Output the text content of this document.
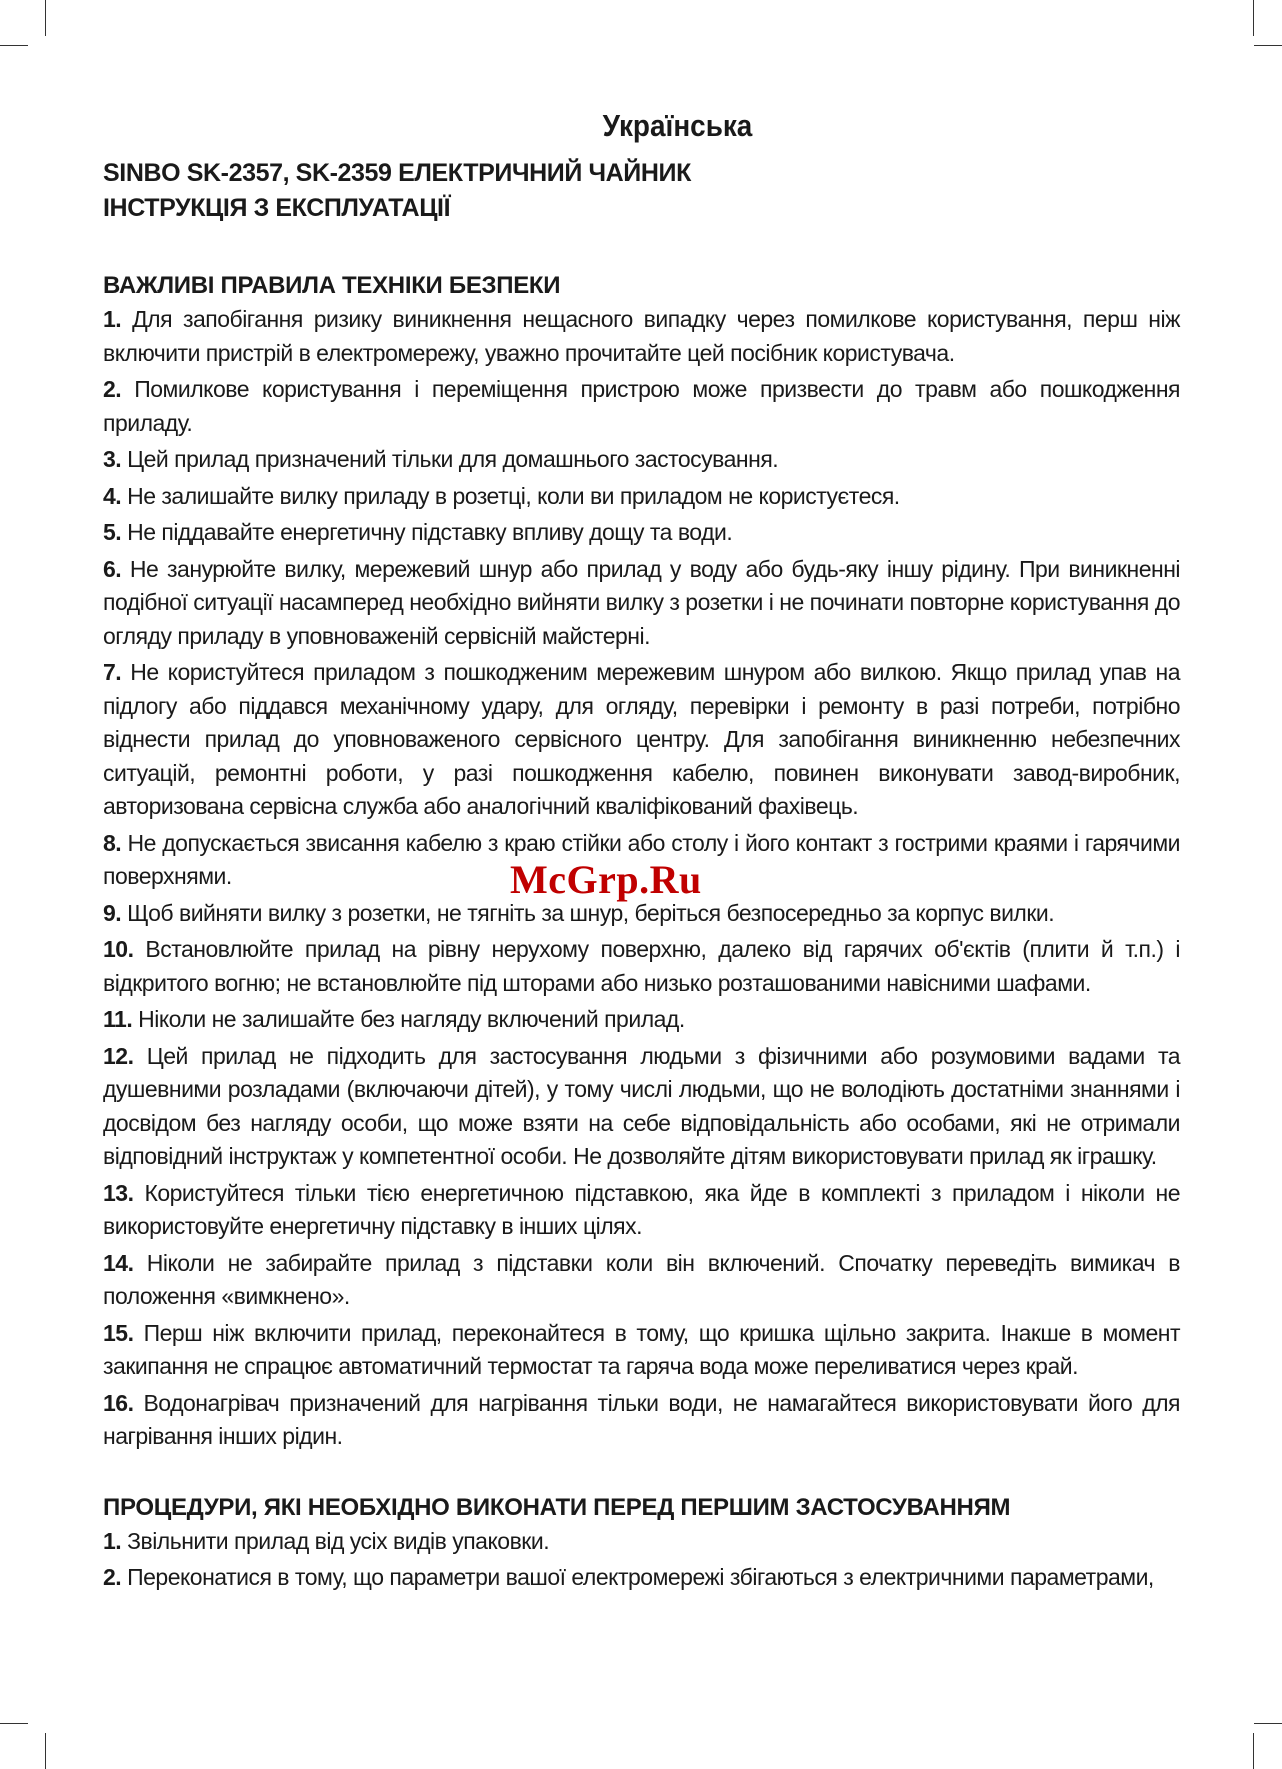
Українська
SINBO SK-2357, SK-2359 ЕЛЕКТРИЧНИЙ ЧАЙНИК
ІНСТРУКЦІЯ З ЕКСПЛУАТАЦІЇ
ВАЖЛИВІ ПРАВИЛА ТЕХНІКИ БЕЗПЕКИ
1. Для запобігання ризику виникнення нещасного випадку через помилкове користування, перш ніж включити пристрій в електромережу, уважно прочитайте цей посібник користувача.
2. Помилкове користування і переміщення пристрою може призвести до травм або пошкодження приладу.
3. Цей прилад призначений тільки для домашнього застосування.
4. Не залишайте вилку приладу в розетці, коли ви приладом не користуєтеся.
5. Не піддавайте енергетичну підставку впливу дощу та води.
6. Не занурюйте вилку, мережевий шнур або прилад у воду або будь-яку іншу рідину. При виникненні подібної ситуації насамперед необхідно вийняти вилку з розетки і не починати повторне користування до огляду приладу в уповноваженій сервісній майстерні.
7. Не користуйтеся приладом з пошкодженим мережевим шнуром або вилкою. Якщо прилад упав на підлогу або піддався механічному удару, для огляду, перевірки і ремонту в разі потреби, потрібно віднести прилад до уповноваженого сервісного центру. Для запобігання виникненню небезпечних ситуацій, ремонтні роботи, у разі пошкодження кабелю, повинен виконувати завод-виробник, авторизована сервісна служба або аналогічний кваліфікований фахівець.
8. Не допускається звисання кабелю з краю стійки або столу і його контакт з гострими краями і гарячими поверхнями.
9. Щоб вийняти вилку з розетки, не тягніть за шнур, беріться безпосередньо за корпус вилки.
10. Встановлюйте прилад на рівну нерухому поверхню, далеко від гарячих об'єктів (плити й т.п.) і відкритого вогню; не встановлюйте під шторами або низько розташованими навісними шафами.
11. Ніколи не залишайте без нагляду включений прилад.
12. Цей прилад не підходить для застосування людьми з фізичними або розумовими вадами та душевними розладами (включаючи дітей), у тому числі людьми, що не володіють достатніми знаннями і досвідом без нагляду особи, що може взяти на себе відповідальність або особами, які не отримали відповідний інструктаж у компетентної особи. Не дозволяйте дітям використовувати прилад як іграшку.
13. Користуйтеся тільки тією енергетичною підставкою, яка йде в комплекті з приладом і ніколи не використовуйте енергетичну підставку в інших цілях.
14. Ніколи не забирайте прилад з підставки коли він включений. Спочатку переведіть вимикач в положення «вимкнено».
15. Перш ніж включити прилад, переконайтеся в тому, що кришка щільно закрита. Інакше в момент закипання не спрацює автоматичний термостат та гаряча вода може переливатися через край.
16. Водонагрівач призначений для нагрівання тільки води, не намагайтеся використовувати його для нагрівання інших рідин.
ПРОЦЕДУРИ, ЯКІ НЕОБХІДНО ВИКОНАТИ ПЕРЕД ПЕРШИМ ЗАСТОСУВАННЯМ
1. Звільнити прилад від усіх видів упаковки.
2. Переконатися в тому, що параметри вашої електромережі збігаються з електричними параметрами,
McGrp.Ru
